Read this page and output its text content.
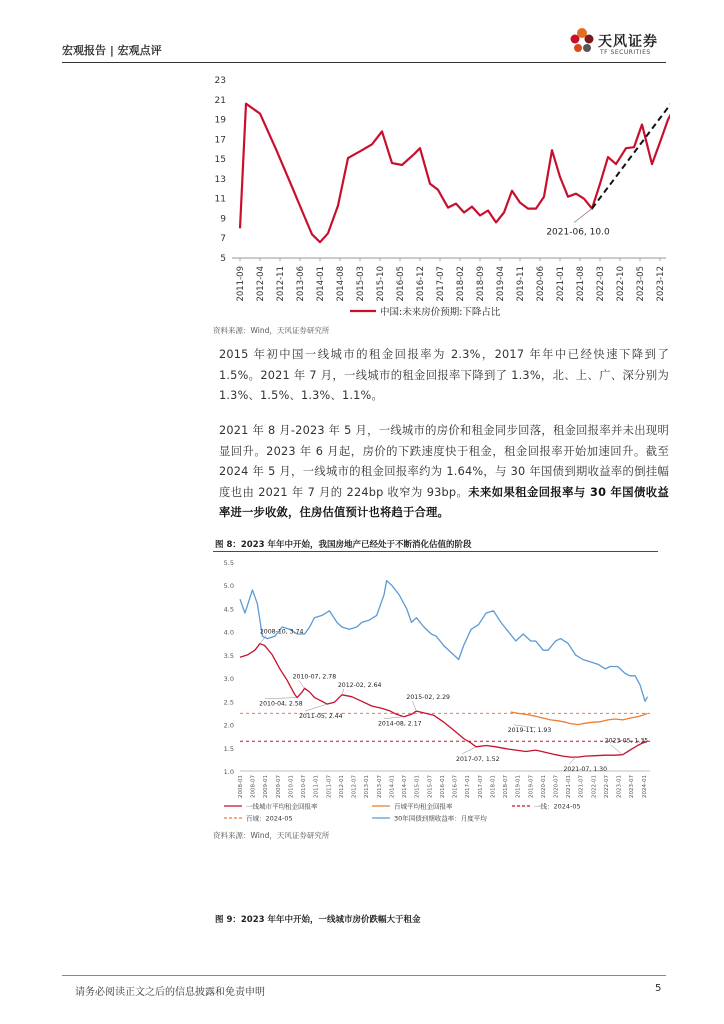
宏观报告 | 宏观点评
天风证券
TF SECURITIES
5
7
9
11
13
15
17
19
21
23
2011-09 2012-04 2012-11 2013-06 2014-01 2014-08 2015-03 2015-10 2016-05 2016-12 2017-07 2018-02 2018-09 2019-04 2019-11 2020-06 2021-01 2021-08 2022-03 2022-10 2023-05 2023-12
2021-06, 10.0
中国:未来房价预期:下降占比
资料来源：Wind，天风证券研究所
2015 年初中国一线城市的租金回报率为 2.3%，2017 年年中已经快速下降到了 1.5%。2021 年 7 月，一线城市的租金回报率下降到了 1.3%，北、上、广、深分别为 1.3%、1.5%、1.3%、1.1%。
2021 年 8 月-2023 年 5 月，一线城市的房价和租金同步回落，租金回报率并未出现明显回升。2023 年 6 月起，房价的下跌速度快于租金，租金回报率开始加速回升。截至 2024 年 5 月，一线城市的租金回报率约为 1.64%，与 30 年国债到期收益率的倒挂幅度也由 2021 年 7 月的 224bp 收窄为 93bp。未来如果租金回报率与 30 年国债收益率进一步收敛，住房估值预计也将趋于合理。
图 8：2023 年年中开始，我国房地产已经处于不断消化估值的阶段
1.0
1.5
2.0
2.5
3.0
3.5
4.0
4.5
5.0
5.5
2008-01 2008-07 2009-01 2009-07 2010-01 2010-07 2011-01 2011-07 2012-01 2012-07 2013-01 2013-07 2014-01 2014-07 2015-01 2015-07 2016-01 2016-07 2017-01 2017-07 2018-01 2018-07 2019-01 2019-07 2020-01 2020-07 2021-01 2021-07 2022-01 2022-07 2023-01 2023-07 2024-01
2008-10, 3.74
2010-07, 2.78
2012-02, 2.64
2010-04, 2.58
2015-02, 2.29
2011-05, 2.44
2014-08, 2.17
2019-11, 1.93
2023-05, 1.35
2017-07, 1.52
2021-07, 1.30
一线城市平均租金回报率	百城平均租金回报率	一线：2024-05
百城：2024-05	30年国债到期收益率：月度平均
资料来源：Wind，天风证券研究所
图 9：2023 年年中开始，一线城市房价跌幅大于租金
请务必阅读正文之后的信息披露和免责申明	5
